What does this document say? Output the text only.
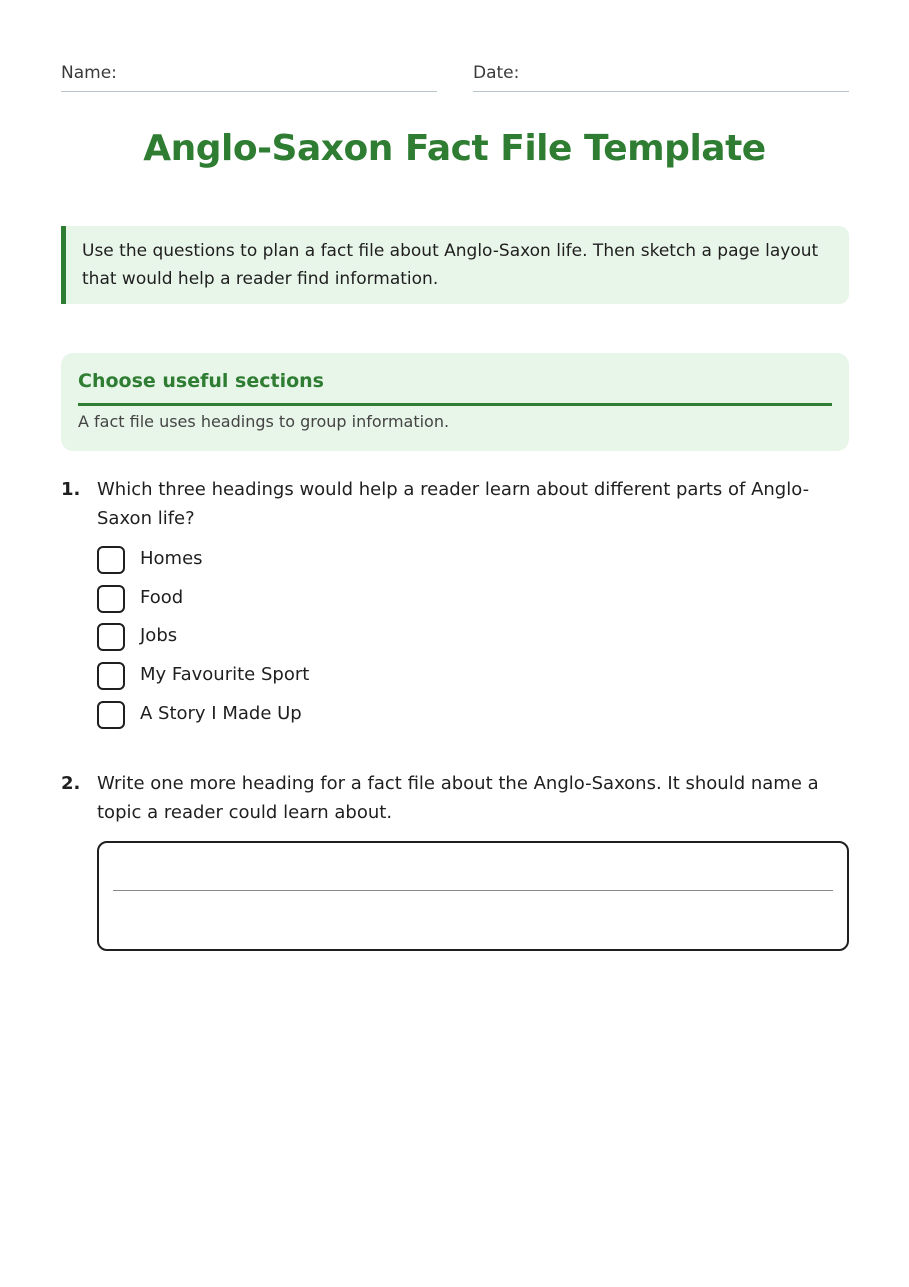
Name:	Date:
Anglo-Saxon Fact File Template
Use the questions to plan a fact file about Anglo-Saxon life. Then sketch a page layout that would help a reader find information.
Choose useful sections
A fact file uses headings to group information.
1. Which three headings would help a reader learn about different parts of Anglo-Saxon life?
Homes
Food
Jobs
My Favourite Sport
A Story I Made Up
2. Write one more heading for a fact file about the Anglo-Saxons. It should name a topic a reader could learn about.
